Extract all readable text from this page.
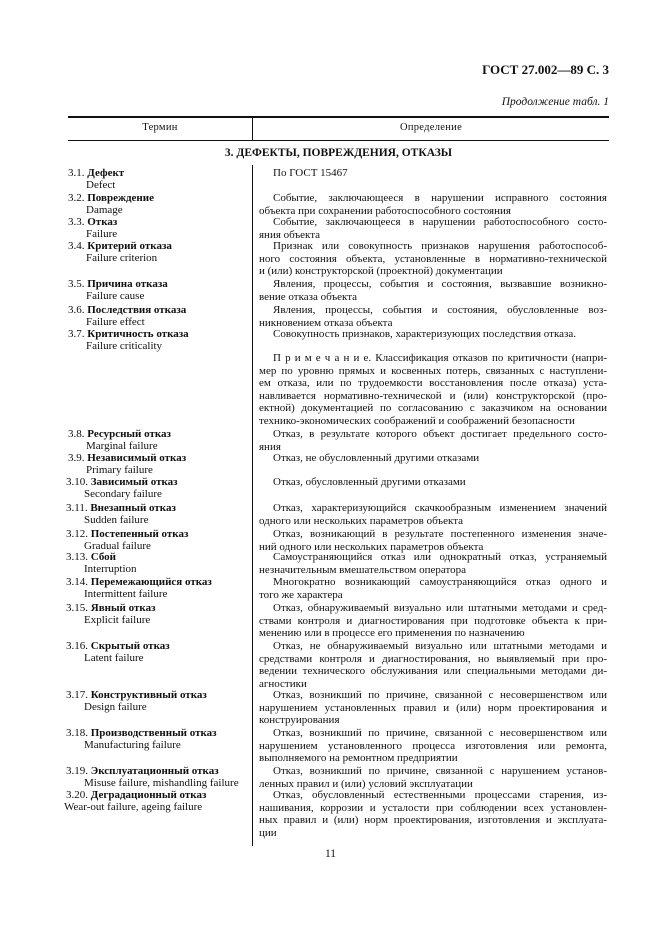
ГОСТ 27.002—89 С. 3
Продолжение табл. 1
Термин	Определение
3. ДЕФЕКТЫ, ПОВРЕЖДЕНИЯ, ОТКАЗЫ
3.1. Дефект
Defect
По ГОСТ 15467
3.2. Повреждение
Damage
Событие, заключающееся в нарушении исправного состояния
объекта при сохранении работоспособного состояния
3.3. Отказ
Failure
Событие, заключающееся в нарушении работоспособного состо-
яния объекта
3.4. Критерий отказа
Failure criterion
Признак или совокупность признаков нарушения работоспособ-
ного состояния объекта, установленные в нормативно-технической
и (или) конструкторской (проектной) документации
3.5. Причина отказа
Failure cause
Явления, процессы, события и состояния, вызвавшие возникно-
вение отказа объекта
3.6. Последствия отказа
Failure effect
Явления, процессы, события и состояния, обусловленные воз-
никновением отказа объекта
3.7. Критичность отказа
Failure criticality
Совокупность признаков, характеризующих последствия отказа.
П р и м е ч а н и е. Классификация отказов по критичности (напри-
мер по уровню прямых и косвенных потерь, связанных с наступлени-
ем отказа, или по трудоемкости восстановления после отказа) уста-
навливается нормативно-технической и (или) конструкторской (про-
ектной) документацией по согласованию с заказчиком на основании
технико-экономических соображений и соображений безопасности
3.8. Ресурсный отказ
Marginal failure
Отказ, в результате которого объект достигает предельного состо-
яния
3.9. Независимый отказ
Primary failure
Отказ, не обусловленный другими отказами
3.10. Зависимый отказ
Secondary failure
Отказ, обусловленный другими отказами
3.11. Внезапный отказ
Sudden failure
Отказ, характеризующийся скачкообразным изменением значений
одного или нескольких параметров объекта
3.12. Постепенный отказ
Gradual failure
Отказ, возникающий в результате постепенного изменения значе-
ний одного или нескольких параметров объекта
3.13. Сбой
Interruption
Самоустраняющийся отказ или однократный отказ, устраняемый
незначительным вмешательством оператора
3.14. Перемежающийся отказ
Intermittent failure
Многократно возникающий самоустраняющийся отказ одного и
того же характера
3.15. Явный отказ
Explicit failure
Отказ, обнаруживаемый визуально или штатными методами и сред-
ствами контроля и диагностирования при подготовке объекта к при-
менению или в процессе его применения по назначению
3.16. Скрытый отказ
Latent failure
Отказ, не обнаруживаемый визуально или штатными методами и
средствами контроля и диагностирования, но выявляемый при про-
ведении технического обслуживания или специальными методами ди-
агностики
3.17. Конструктивный отказ
Design failure
Отказ, возникший по причине, связанной с несовершенством или
нарушением установленных правил и (или) норм проектирования и
конструирования
3.18. Производственный отказ
Manufacturing failure
Отказ, возникший по причине, связанной с несовершенством или
нарушением установленного процесса изготовления или ремонта,
выполняемого на ремонтном предприятии
3.19. Эксплуатационный отказ
Misuse failure, mishandling failure
Отказ, возникший по причине, связанной с нарушением установ-
ленных правил и (или) условий эксплуатации
3.20. Деградационный отказ
Wear-out failure, ageing failure
Отказ, обусловленный естественными процессами старения, из-
нашивания, коррозии и усталости при соблюдении всех установлен-
ных правил и (или) норм проектирования, изготовления и эксплуата-
ции
11
